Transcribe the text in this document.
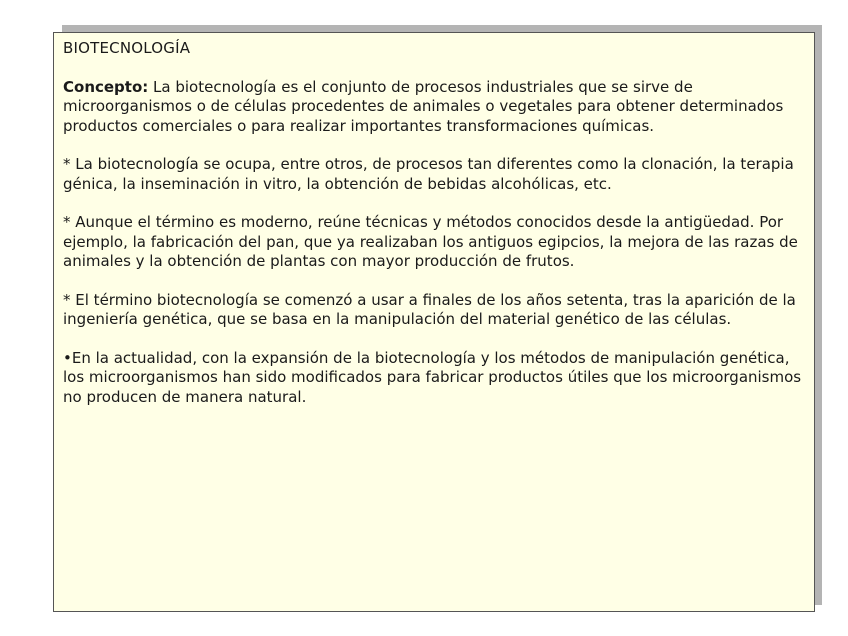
BIOTECNOLOGÍA
Concepto: La biotecnología es el conjunto de procesos industriales que se sirve de microorganismos o de células procedentes de animales o vegetales para obtener determinados productos comerciales o para realizar importantes transformaciones químicas.
* La biotecnología se ocupa, entre otros, de procesos tan diferentes como la clonación, la terapia génica, la inseminación in vitro, la obtención de bebidas alcohólicas, etc.
* Aunque el término es moderno, reúne técnicas y métodos conocidos desde la antigüedad. Por ejemplo, la fabricación del pan, que ya realizaban los antiguos egipcios, la mejora de las razas de animales y la obtención de plantas con mayor producción de frutos.
* El término biotecnología se comenzó a usar a finales de los años setenta, tras la aparición de la ingeniería genética, que se basa en la manipulación del material genético de las células.
•En la actualidad, con la expansión de la biotecnología y los métodos de manipulación genética, los microorganismos han sido modificados para fabricar productos útiles que los microorganismos no producen de manera natural.
